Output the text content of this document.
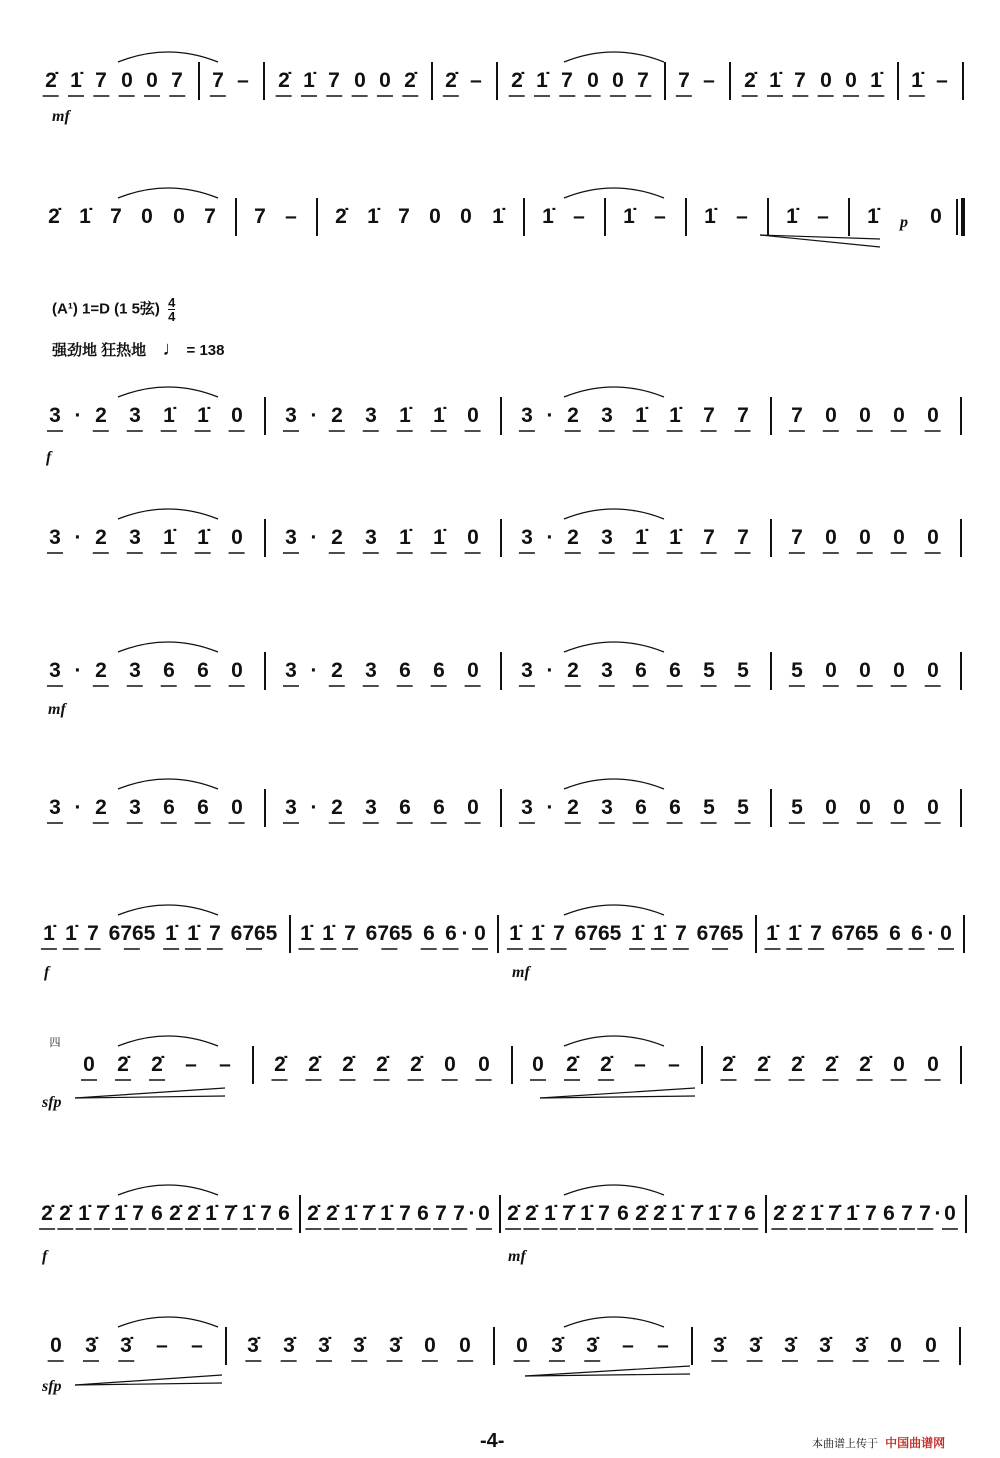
2̇ 1̇ 7 0 0 7 7 – 2̇ 1̇ 7 0 0 2̇ 2̇ – 2̇ 1̇ 7 0 0 7 7 – 2̇ 1̇ 7 0 0 1̇ 1̇ –
2̇ 1̇ 7 0 0 7 7 – 2̇ 1̇ 7 0 0 1̇ 1̇ – 1̇ – 1̇ – 1̇ – 1̇ p 0
3 · 2 3 1̇ 1̇ 0 3 · 2 3 1̇ 1̇ 0 3 · 2 3 1̇ 1̇ 7 7 7 0 0 0 0
3 · 2 3 1̇ 1̇ 0 3 · 2 3 1̇ 1̇ 0 3 · 2 3 1̇ 1̇ 7 7 7 0 0 0 0
3 · 2 3 6 6 0 3 · 2 3 6 6 0 3 · 2 3 6 6 5 5 5 0 0 0 0
3 · 2 3 6 6 0 3 · 2 3 6 6 0 3 · 2 3 6 6 5 5 5 0 0 0 0
1̇ 1̇ 7 6765 1̇ 1̇ 7 6765 1̇ 1̇ 7 6765 6 6 · 0 1̇ 1̇ 7 6765 1̇ 1̇ 7 6765 1̇ 1̇ 7 6765 6 6 · 0
四
0 2̇ 2̇ – – 2̇ 2̇ 2̇ 2̇ 2̇ 0 0 0 2̇ 2̇ – – 2̇ 2̇ 2̇ 2̇ 2̇ 0 0
2̇ 2̇ 1̇ 7̇ 1̇ 7 6 2̇ 2̇ 1̇ 7̇ 1̇ 7 6 2̇ 2̇ 1̇ 7̇ 1̇ 7 6 7 7 · 0 2̇ 2̇ 1̇ 7̇ 1̇ 7 6 2̇ 2̇ 1̇ 7̇ 1̇ 7 6 2̇ 2̇ 1̇ 7̇ 1̇ 7 6 7 7 · 0
0 3̇ 3̇ – – 3̇ 3̇ 3̇ 3̇ 3̇ 0 0 0 3̇ 3̇ – – 3̇ 3̇ 3̇ 3̇ 3̇ 0 0
(A¹) 1=D (1 5弦) $\frac{4}{4}$
强劲地 狂热地 ♩ = 138
-4-	本曲谱上传于 中国曲谱网
mf
f
mf
f	mf
sfp
f	mf
sfp
